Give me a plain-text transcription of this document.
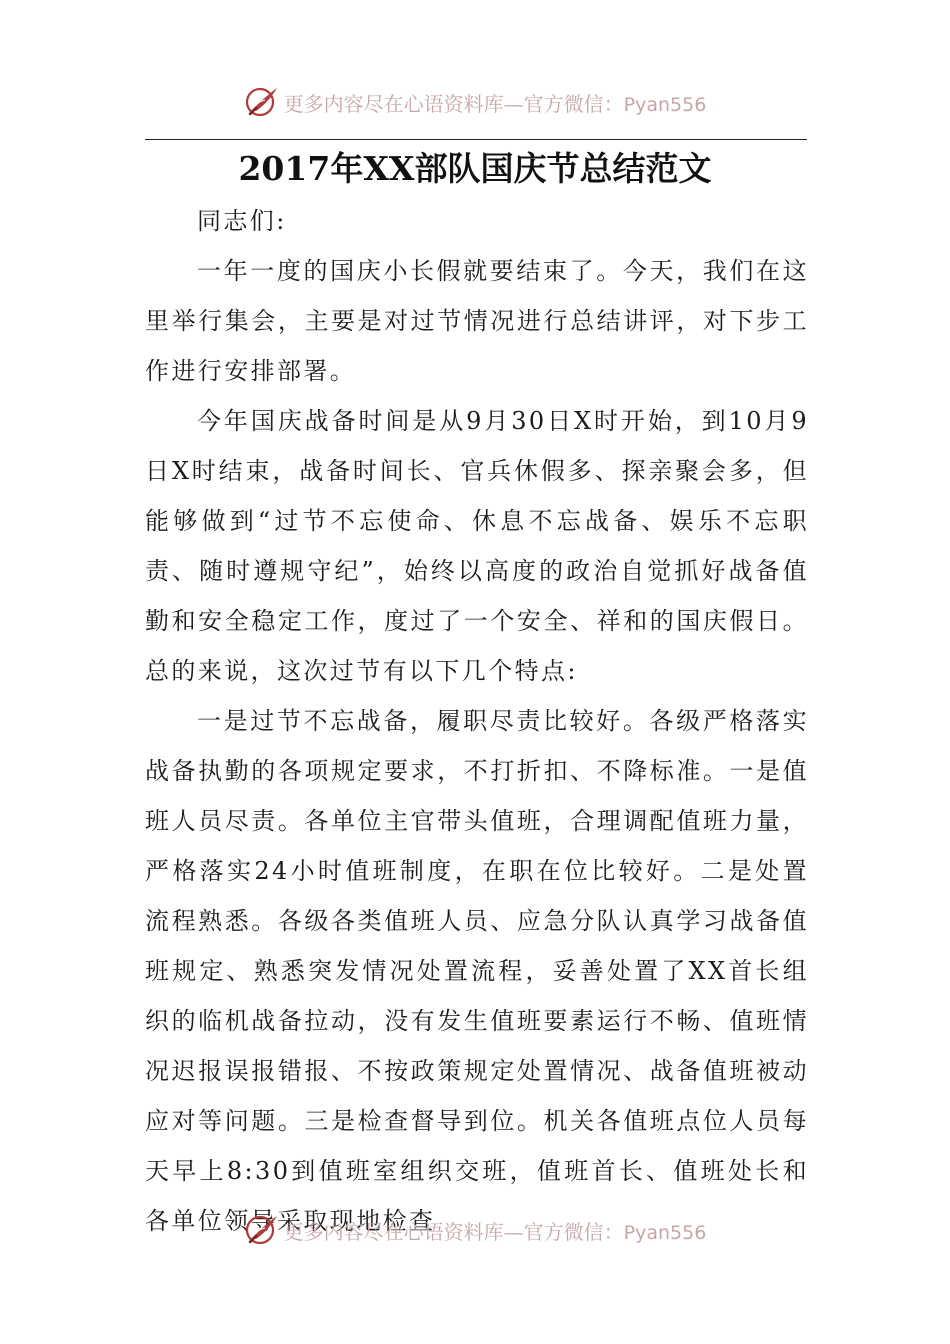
更多内容尽在心语资料库—官方微信：Pyan556
2017年XX部队国庆节总结范文

同志们:

一年一度的国庆小长假就要结束了。今天，我们在这里举行集会，主要是对过节情况进行总结讲评，对下步工作进行安排部署。

今年国庆战备时间是从9月30日X时开始，到10月9日X时结束，战备时间长、官兵休假多、探亲聚会多，但能够做到“过节不忘使命、休息不忘战备、娱乐不忘职责、随时遵规守纪”，始终以高度的政治自觉抓好战备值勤和安全稳定工作，度过了一个安全、祥和的国庆假日。总的来说，这次过节有以下几个特点:

一是过节不忘战备，履职尽责比较好。各级严格落实战备执勤的各项规定要求，不打折扣、不降标准。一是值班人员尽责。各单位主官带头值班，合理调配值班力量，严格落实24小时值班制度，在职在位比较好。二是处置流程熟悉。各级各类值班人员、应急分队认真学习战备值班规定、熟悉突发情况处置流程，妥善处置了XX首长组织的临机战备拉动，没有发生值班要素运行不畅、值班情况迟报误报错报、不按政策规定处置情况、战备值班被动应对等问题。三是检查督导到位。机关各值班点位人员每天早上8:30到值班室组织交班，值班首长、值班处长和各单位领导采取现地检查

更多内容尽在心语资料库—官方微信：Pyan556
